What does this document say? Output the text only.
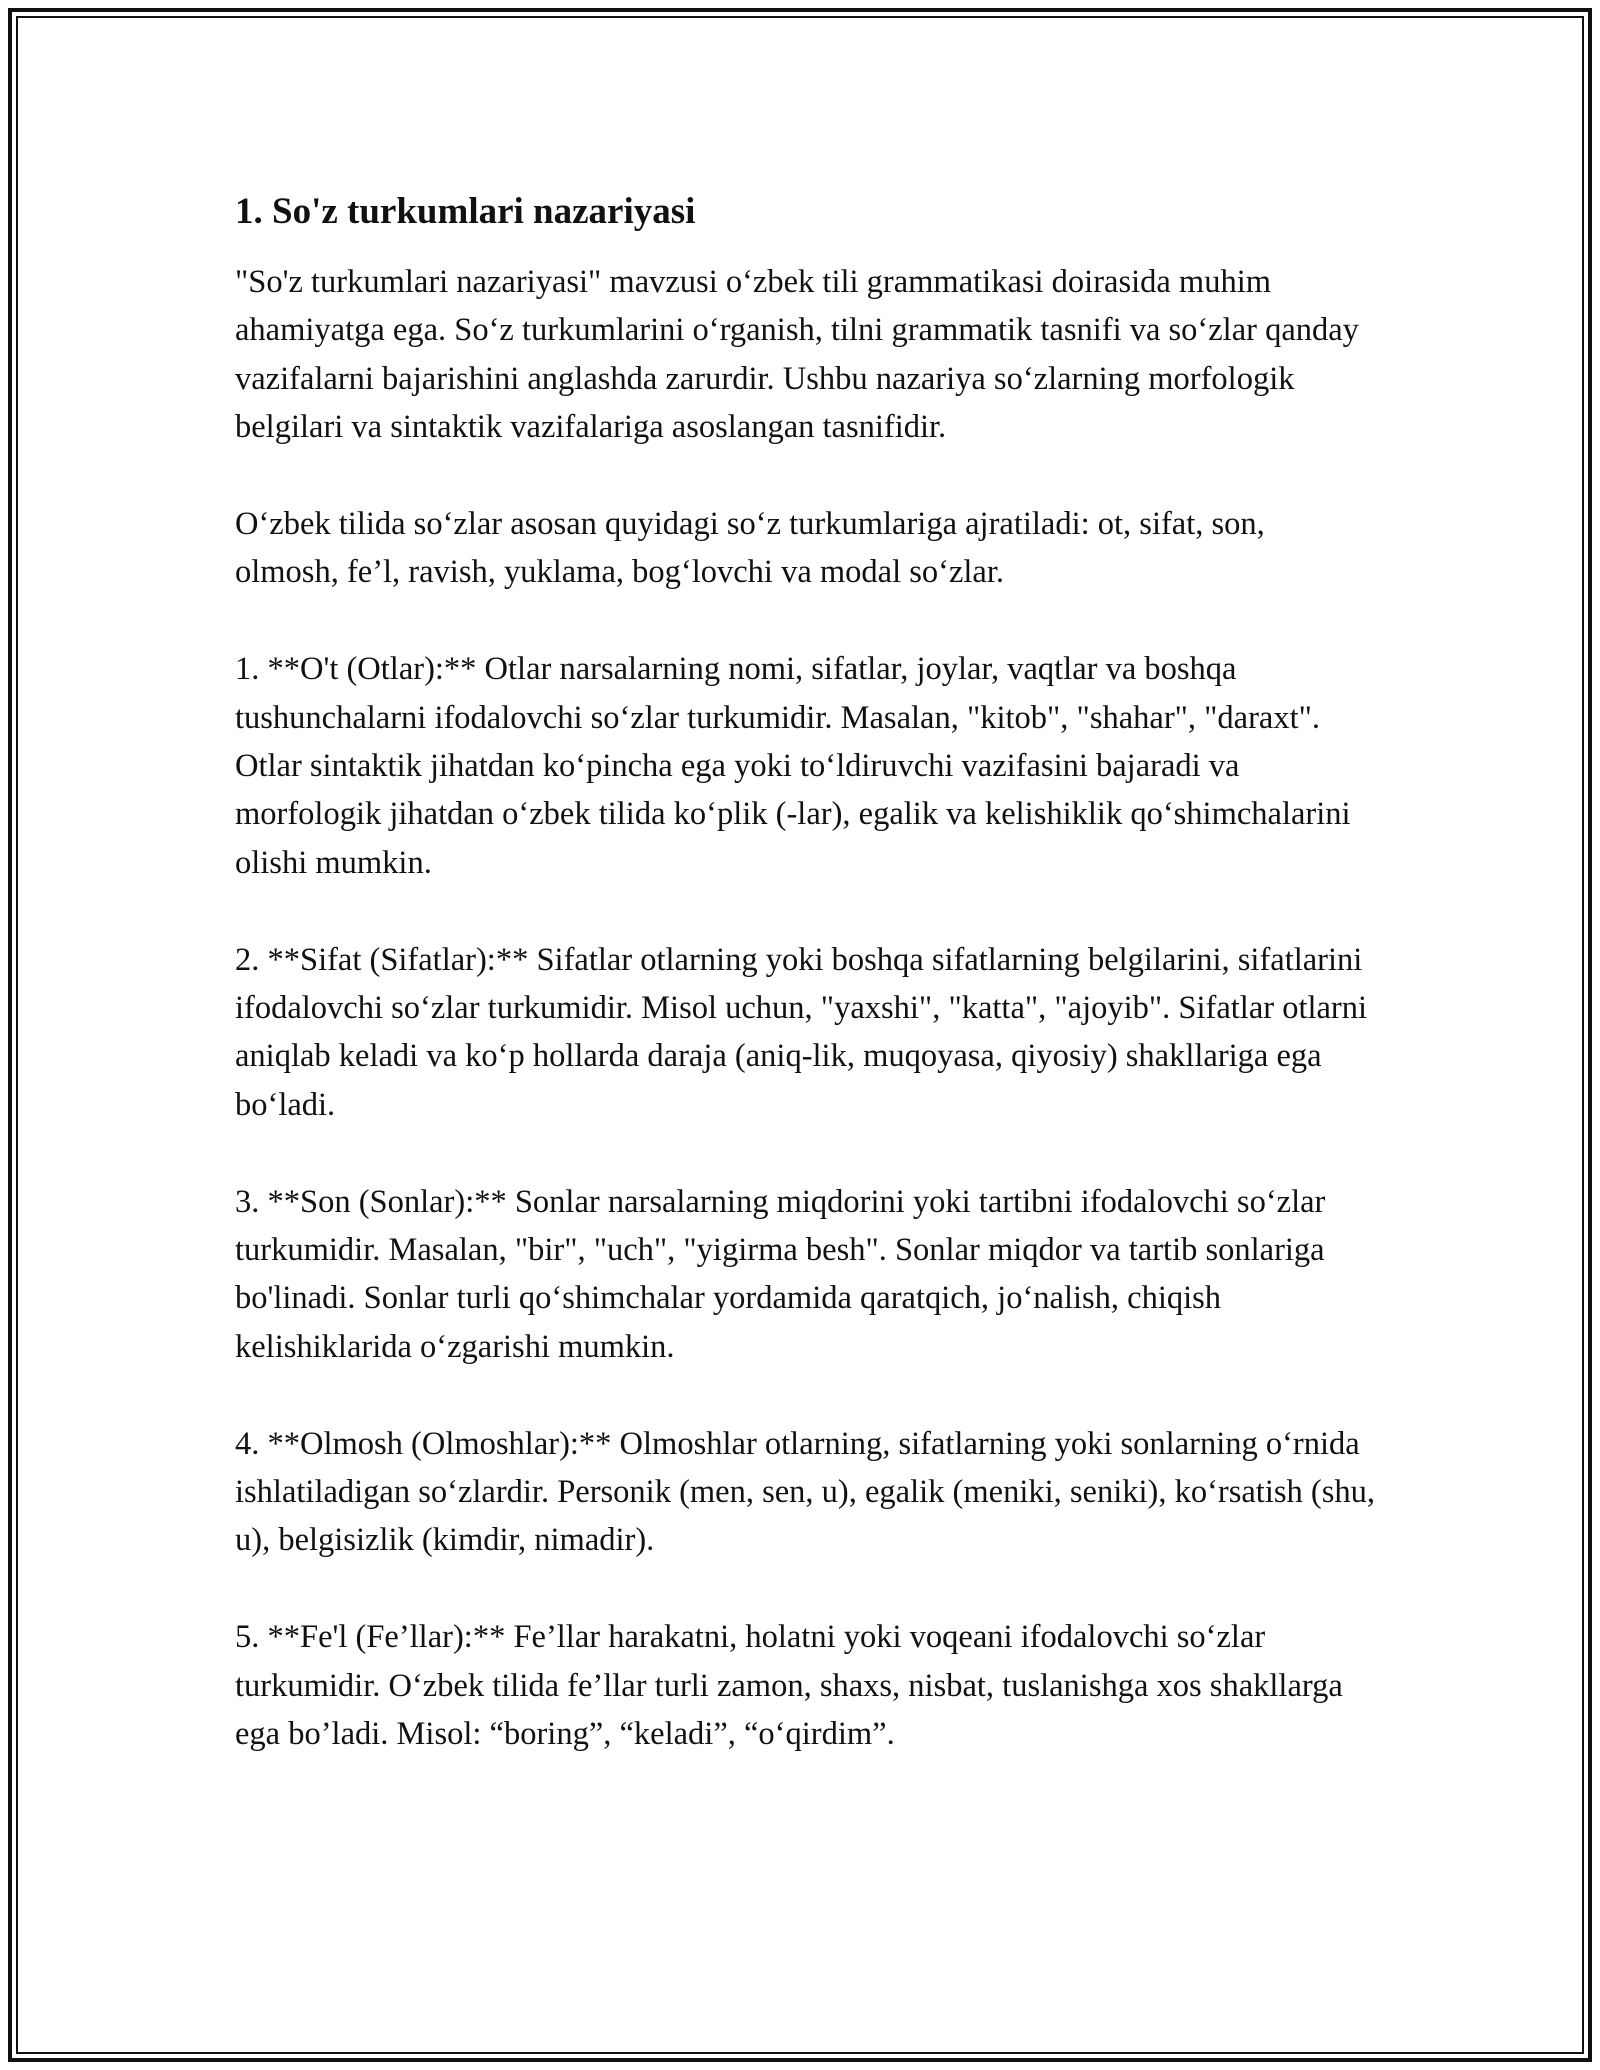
1. So'z turkumlari nazariyasi

"So'z turkumlari nazariyasi" mavzusi o‘zbek tili grammatikasi doirasida muhim ahamiyatga ega. So‘z turkumlarini o‘rganish, tilni grammatik tasnifi va so‘zlar qanday vazifalarni bajarishini anglashda zarurdir. Ushbu nazariya so‘zlarning morfologik belgilari va sintaktik vazifalariga asoslangan tasnifidir.

O‘zbek tilida so‘zlar asosan quyidagi so‘z turkumlariga ajratiladi: ot, sifat, son, olmosh, fe’l, ravish, yuklama, bog‘lovchi va modal so‘zlar.

1. **O't (Otlar):** Otlar narsalarning nomi, sifatlar, joylar, vaqtlar va boshqa tushunchalarni ifodalovchi so‘zlar turkumidir. Masalan, "kitob", "shahar", "daraxt". Otlar sintaktik jihatdan ko‘pincha ega yoki to‘ldiruvchi vazifasini bajaradi va morfologik jihatdan o‘zbek tilida ko‘plik (-lar), egalik va kelishiklik qo‘shimchalarini olishi mumkin.

2. **Sifat (Sifatlar):** Sifatlar otlarning yoki boshqa sifatlarning belgilarini, sifatlarini ifodalovchi so‘zlar turkumidir. Misol uchun, "yaxshi", "katta", "ajoyib". Sifatlar otlarni aniqlab keladi va ko‘p hollarda daraja (aniq-lik, muqoyasa, qiyosiy) shakllariga ega bo‘ladi.

3. **Son (Sonlar):** Sonlar narsalarning miqdorini yoki tartibni ifodalovchi so‘zlar turkumidir. Masalan, "bir", "uch", "yigirma besh". Sonlar miqdor va tartib sonlariga bo'linadi. Sonlar turli qo‘shimchalar yordamida qaratqich, jo‘nalish, chiqish kelishiklarida o‘zgarishi mumkin.

4. **Olmosh (Olmoshlar):** Olmoshlar otlarning, sifatlarning yoki sonlarning o‘rnida ishlatiladigan so‘zlardir. Personik (men, sen, u), egalik (meniki, seniki), ko‘rsatish (shu, u), belgisizlik (kimdir, nimadir).

5. **Fe'l (Fe’llar):** Fe’llar harakatni, holatni yoki voqeani ifodalovchi so‘zlar turkumidir. O‘zbek tilida fe’llar turli zamon, shaxs, nisbat, tuslanishga xos shakllarga ega bo’ladi. Misol: “boring”, “keladi”, “o‘qirdim”.
